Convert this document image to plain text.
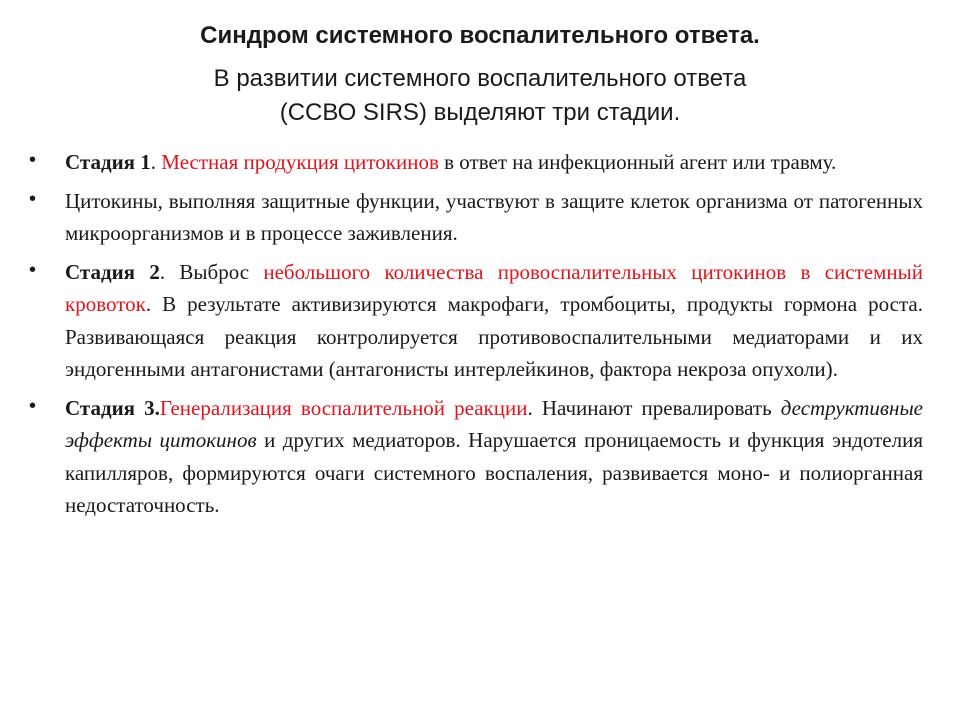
Синдром системного воспалительного ответа.
В развитии системного воспалительного ответа
(ССВО SIRS) выделяют три стадии.
• Стадия 1. Местная продукция цитокинов в ответ на инфекционный агент или травму.
• Цитокины, выполняя защитные функции, участвуют в защите клеток организма от патогенных микроорганизмов и в процессе заживления.
• Стадия 2. Выброс небольшого количества провоспалительных цитокинов в системный кровоток. В результате активизируются макрофаги, тромбоциты, продукты гормона роста. Развивающаяся реакция контролируется противовоспалительными медиаторами и их эндогенными антагонистами (антагонисты интерлейкинов, фактора некроза опухоли).
• Стадия 3.Генерализация воспалительной реакции. Начинают превалировать деструктивные эффекты цитокинов и других медиаторов. Нарушается проницаемость и функция эндотелия капилляров, формируются очаги системного воспаления, развивается моно- и полиорганная недостаточность.
